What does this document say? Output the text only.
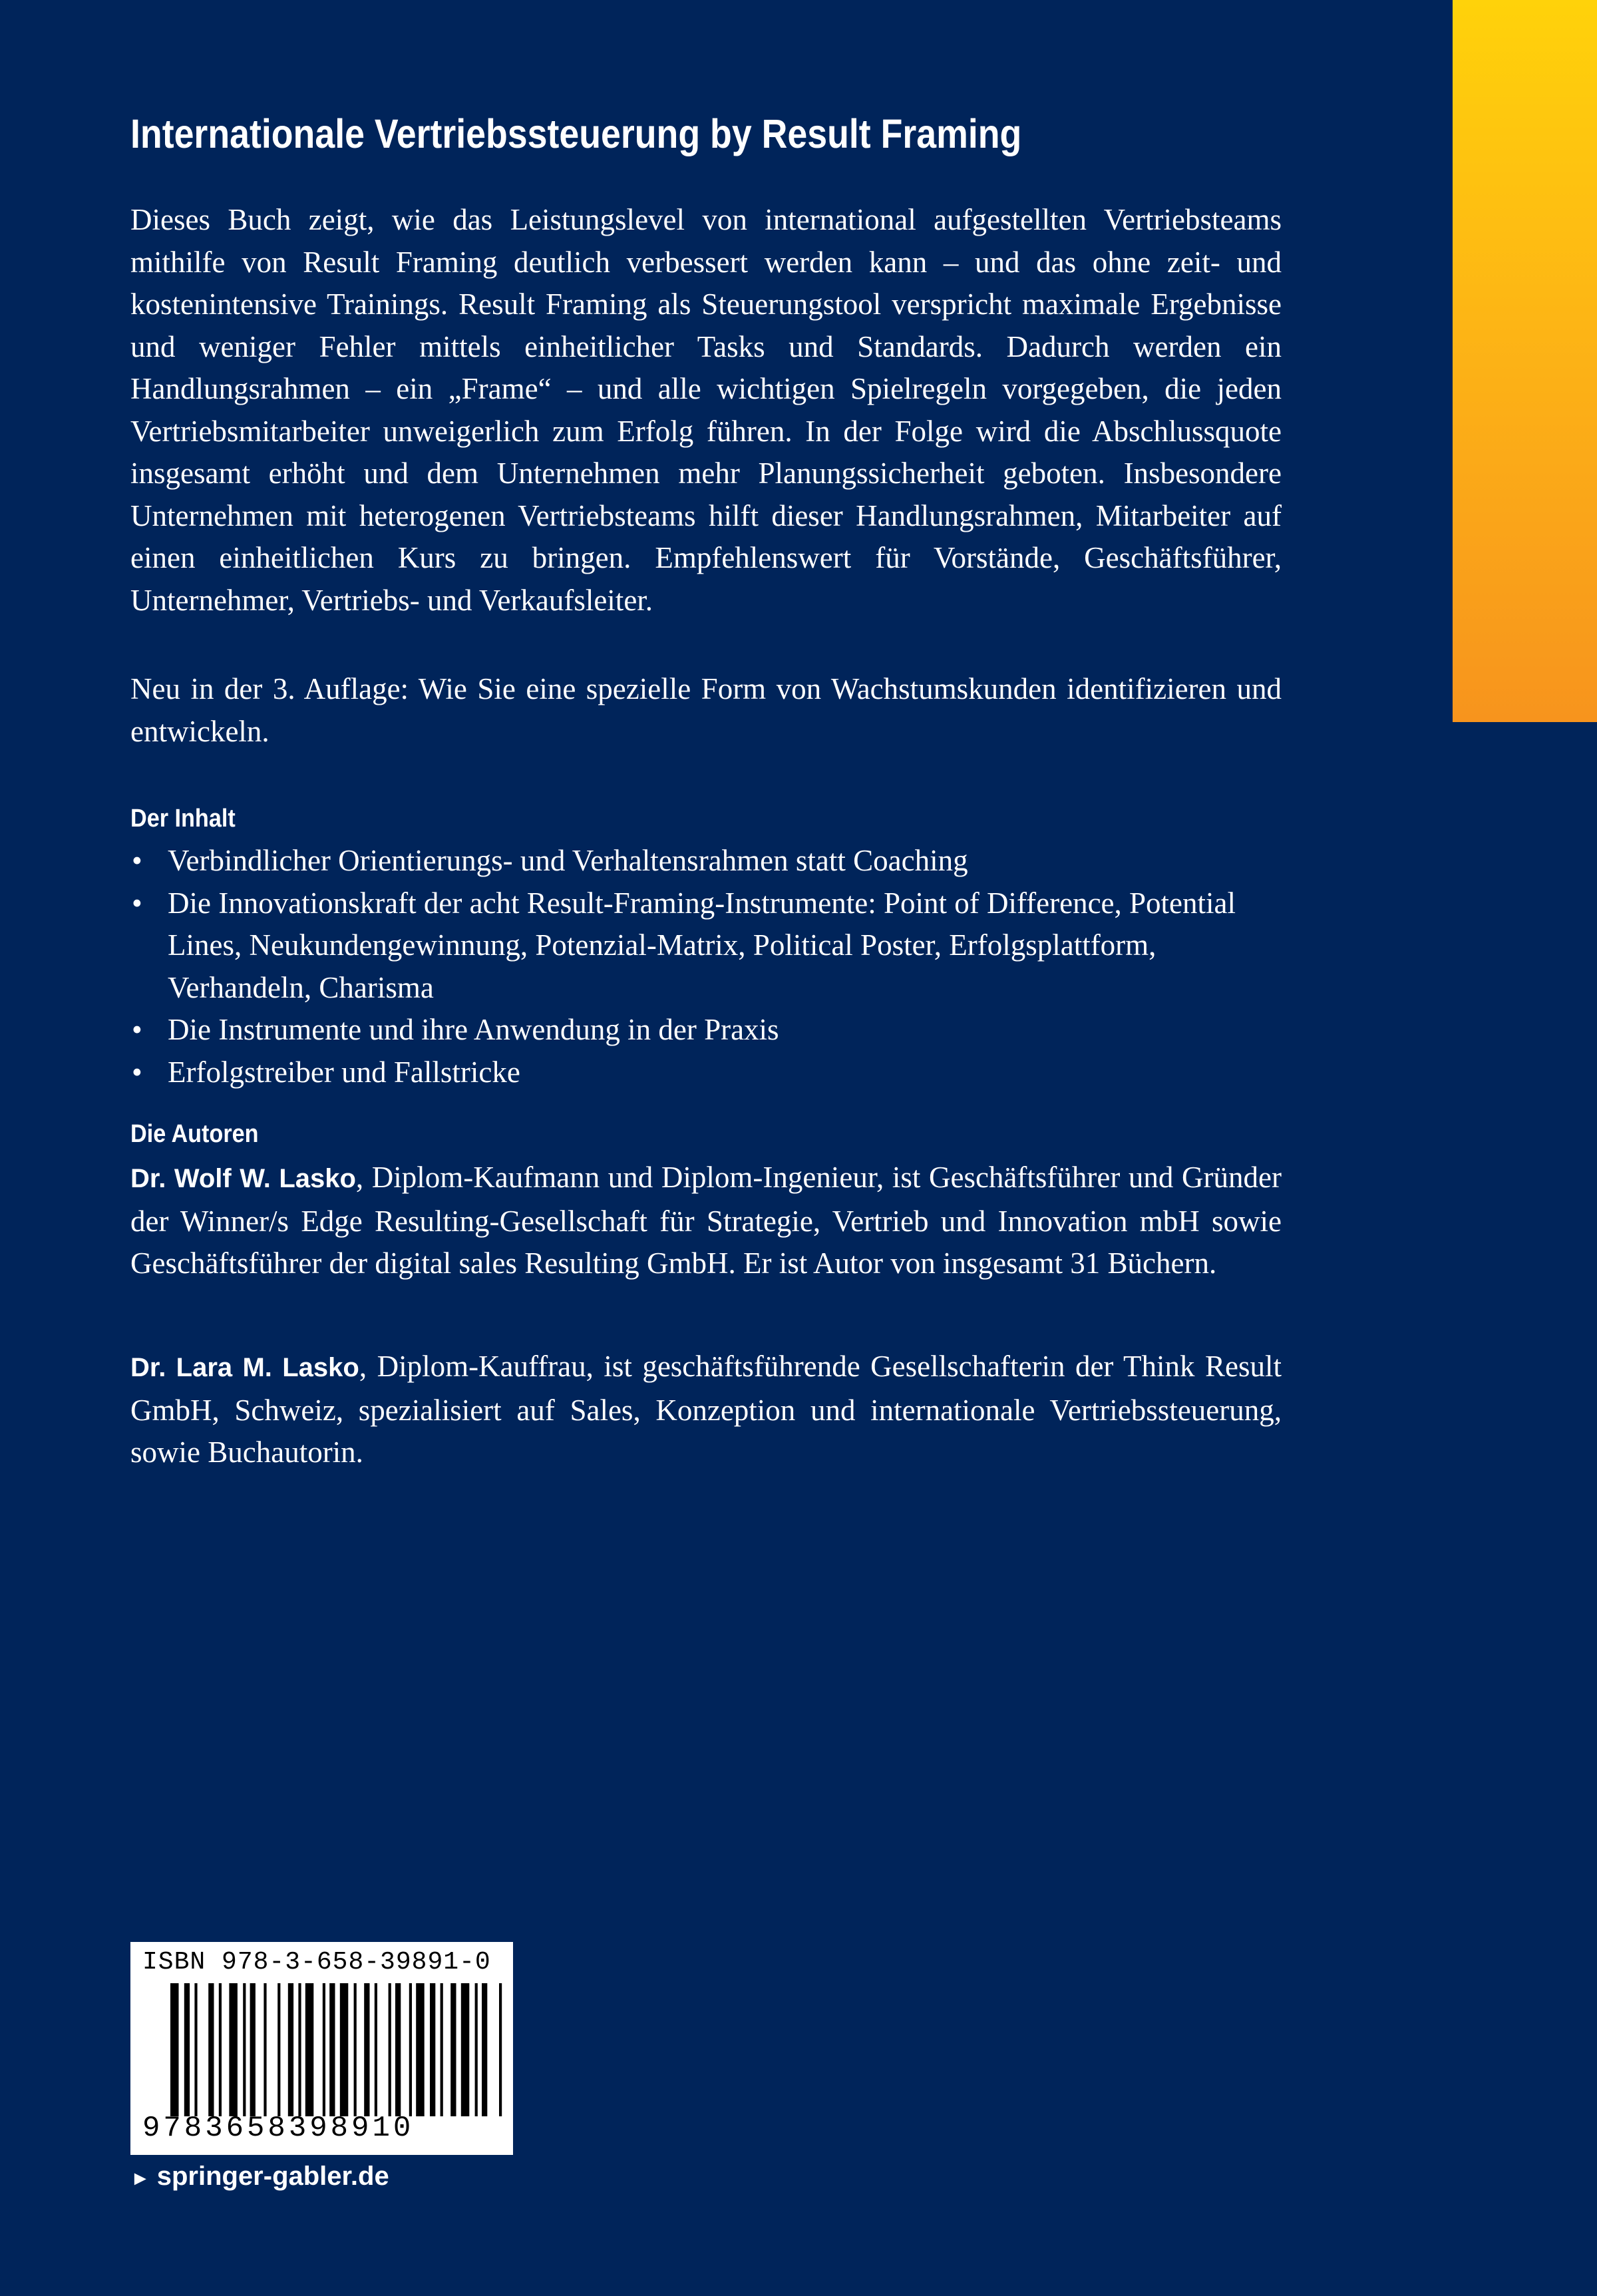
Internationale Vertriebssteuerung by Result Framing

Dieses Buch zeigt, wie das Leistungslevel von international aufgestellten Vertriebsteams mithilfe von Result Framing deutlich verbessert werden kann – und das ohne zeit- und kostenintensive Trainings. Result Framing als Steuerungstool verspricht maximale Ergebnisse und weniger Fehler mittels einheitlicher Tasks und Standards. Dadurch werden ein Handlungsrahmen – ein „Frame“ – und alle wichtigen Spielregeln vorgegeben, die jeden Vertriebsmitarbeiter unweigerlich zum Erfolg führen. In der Folge wird die Abschlussquote insgesamt erhöht und dem Unternehmen mehr Planungssicherheit geboten. Insbesondere Unternehmen mit heterogenen Vertriebsteams hilft dieser Handlungsrahmen, Mitarbeiter auf einen einheitlichen Kurs zu bringen. Empfehlenswert für Vorstände, Geschäftsführer, Unternehmer, Vertriebs- und Verkaufsleiter.

Neu in der 3. Auflage: Wie Sie eine spezielle Form von Wachstumskunden identifizieren und entwickeln.

Der Inhalt
• Verbindlicher Orientierungs- und Verhaltensrahmen statt Coaching
• Die Innovationskraft der acht Result-Framing-Instrumente: Point of Difference, Potential Lines, Neukundengewinnung, Potenzial-Matrix, Political Poster, Erfolgsplattform, Verhandeln, Charisma
• Die Instrumente und ihre Anwendung in der Praxis
• Erfolgstreiber und Fallstricke
Die Autoren

Dr. Wolf W. Lasko, Diplom-Kaufmann und Diplom-Ingenieur, ist Geschäftsführer und Gründer der Winner/s Edge Resulting-Gesellschaft für Strategie, Vertrieb und Innovation mbH sowie Geschäftsführer der digital sales Resulting GmbH. Er ist Autor von insgesamt 31 Büchern.

Dr. Lara M. Lasko, Diplom-Kauffrau, ist geschäftsführende Gesellschafterin der Think Result GmbH, Schweiz, spezialisiert auf Sales, Konzeption und internationale Vertriebssteuerung, sowie Buchautorin.

ISBN 978-3-658-39891-0
9783658398910
► springer-gabler.de
